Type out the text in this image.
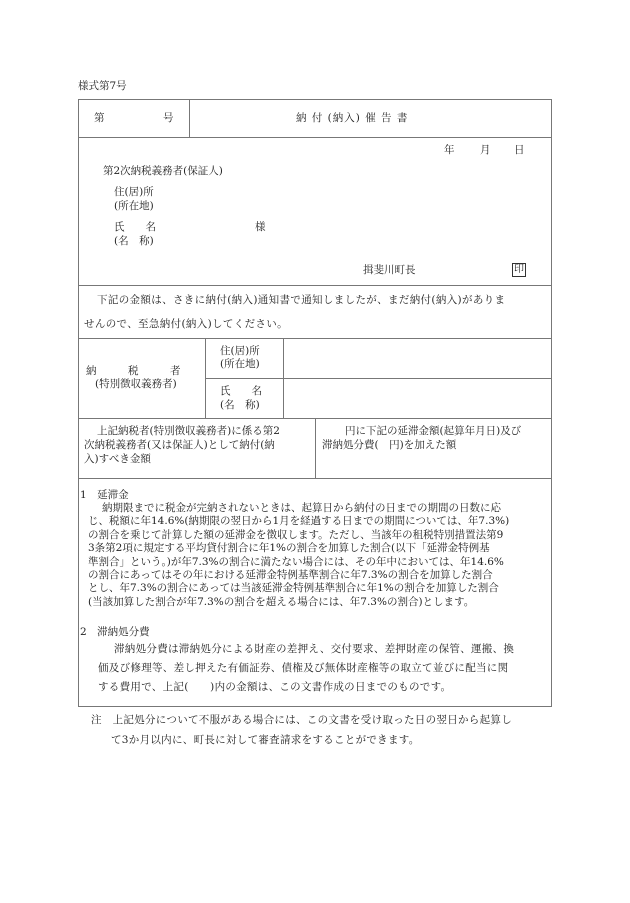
様式第7号
第	号	納 付 (納入) 催 告 書
年 月 日
第2次納税義務者(保証人)
住(居)所
(所在地)
氏　　名
(名　称)
様
揖斐川町長	印
下記の金額は、さきに納付(納入)通知書で通知しましたが、まだ納付(納入)がありま
せんので、至急納付(納入)してください。
納　　　税　　　者
(特別徴収義務者)
住(居)所
(所在地)
氏　　名
(名　称)
上記納税者(特別徴収義務者)に係る第2
次納税義務者(又は保証人)として納付(納
入)すべき金額
円に下記の延滞金額(起算年月日)及び
滞納処分費(　円)を加えた額
1　延滞金
納期限までに税金が完納されないときは、起算日から納付の日までの期間の日数に応
じ、税額に年14.6%(納期限の翌日から1月を経過する日までの期間については、年7.3%)
の割合を乗じて計算した額の延滞金を徴収します。ただし、当該年の租税特別措置法第9
3条第2項に規定する平均貸付割合に年1%の割合を加算した割合(以下「延滞金特例基
準割合」という。)が年7.3%の割合に満たない場合には、その年中においては、年14.6%
の割合にあってはその年における延滞金特例基準割合に年7.3%の割合を加算した割合
とし、年7.3%の割合にあっては当該延滞金特例基準割合に年1%の割合を加算した割合
(当該加算した割合が年7.3%の割合を超える場合には、年7.3%の割合)とします。
2　滞納処分費
滞納処分費は滞納処分による財産の差押え、交付要求、差押財産の保管、運搬、換
価及び修理等、差し押えた有価証券、債権及び無体財産権等の取立て並びに配当に関
する費用で、上記(　　)内の金額は、この文書作成の日までのものです。
注　上記処分について不服がある場合には、この文書を受け取った日の翌日から起算し
て3か月以内に、町長に対して審査請求をすることができます。
